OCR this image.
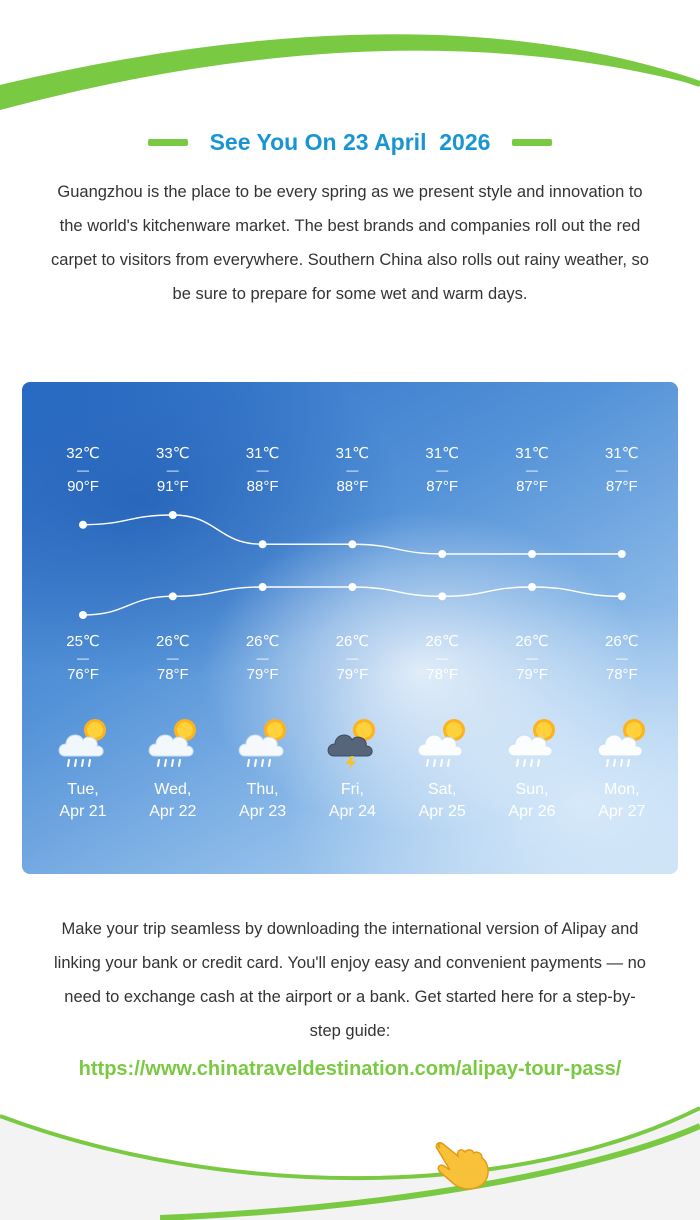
See You On 23 April  2026
Guangzhou is the place to be every spring as we present style and innovation to the world's kitchenware market. The best brands and companies roll out the red carpet to visitors from everywhere. Southern China also rolls out rainy weather, so be sure to prepare for some wet and warm days.
32℃
—
90°F
25℃
—
76°F
Tue,
Apr 21
33℃
—
91°F
26℃
—
78°F
Wed,
Apr 22
31℃
—
88°F
26℃
—
79°F
Thu,
Apr 23
31℃
—
88°F
26℃
—
79°F
Fri,
Apr 24
31℃
—
87°F
26℃
—
78°F
Sat,
Apr 25
31℃
—
87°F
26℃
—
79°F
Sun,
Apr 26
31℃
—
87°F
26℃
—
78°F
Mon,
Apr 27
Make your trip seamless by downloading the international version of Alipay and linking your bank or credit card. You'll enjoy easy and convenient payments — no need to exchange cash at the airport or a bank. Get started here for a step-by-step guide:
https://www.chinatraveldestination.com/alipay-tour-pass/
